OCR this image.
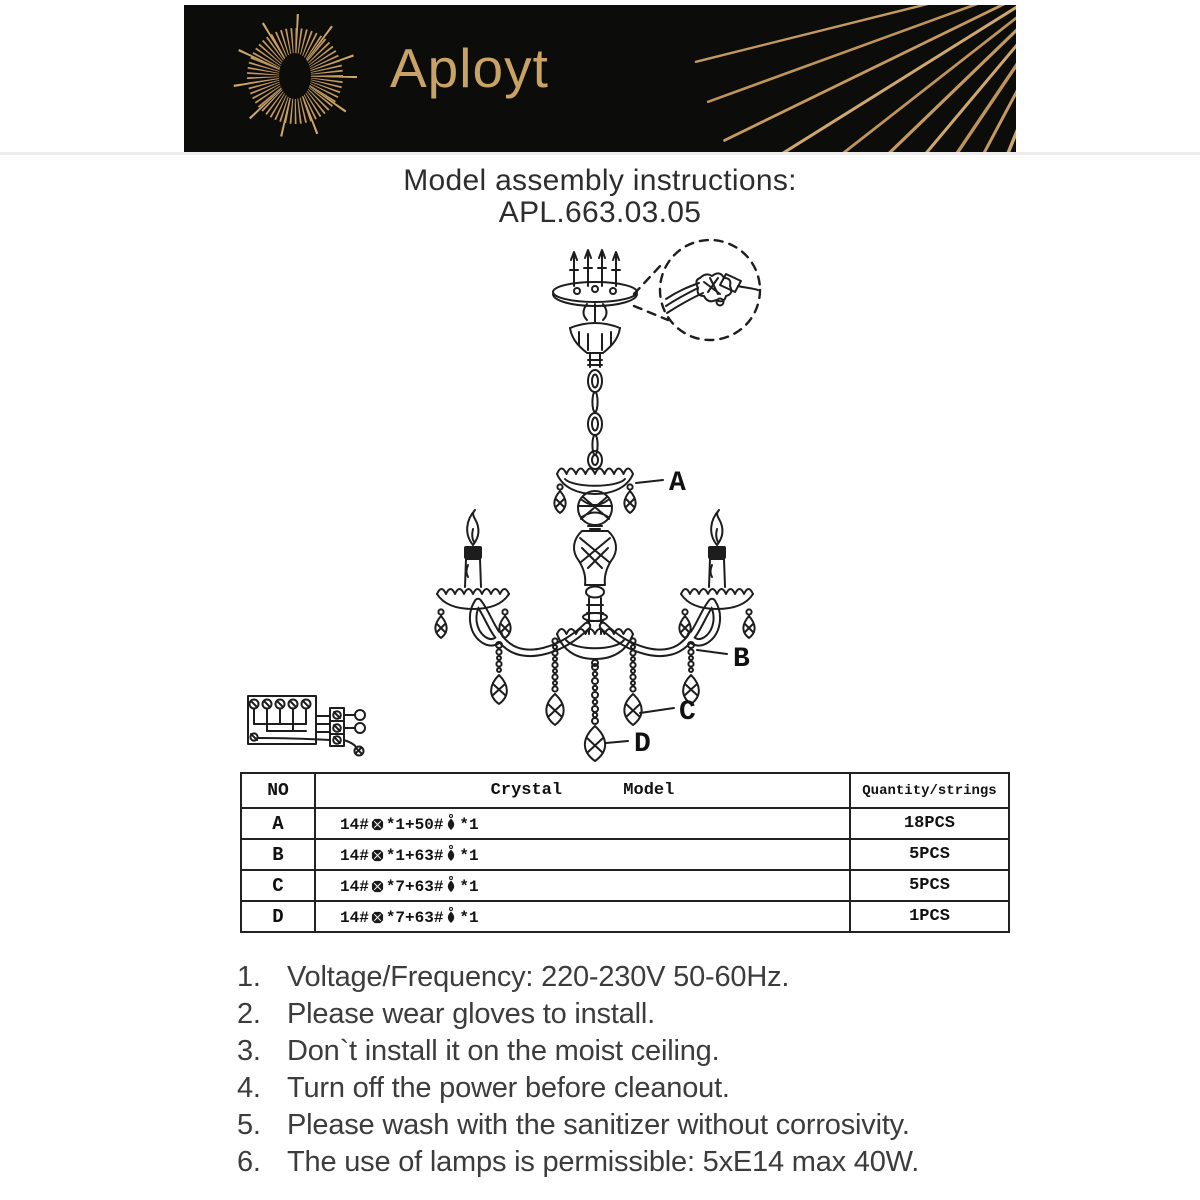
Aployt
Model assembly instructions:
APL.663.03.05
A
B
C
D
NO	Crystal      Model	Quantity/strings
A	14# *1+50# *1	18PCS
B	14# *1+63# *1	5PCS
C	14# *7+63# *1	5PCS
D	14# *7+63# *1	1PCS
1. Voltage/Frequency: 220-230V 50-60Hz.
2. Please wear gloves to install.
3. Don`t install it on the moist ceiling.
4. Turn off the power before cleanout.
5. Please wash with the sanitizer without corrosivity.
6. The use of lamps is permissible: 5xE14 max 40W.
